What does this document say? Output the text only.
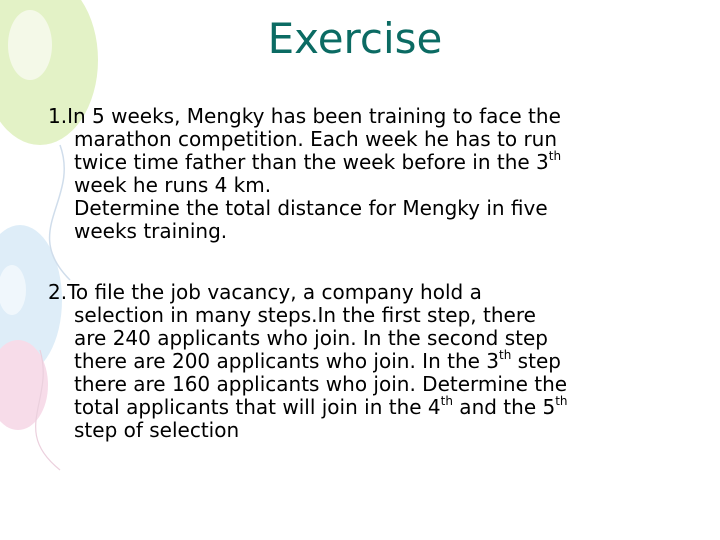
Exercise
1.In 5 weeks, Mengky has been training to face the
marathon competition. Each week he has to run
twice time father than the week before in the 3th
week he runs 4 km.
Determine the total distance for Mengky in five
weeks training.
2.To file the job vacancy, a company hold a
selection in many steps.In the first step, there
are 240 applicants who join. In the second step
there are 200 applicants who join. In the 3th step
there are 160 applicants who join. Determine the
total applicants that will join in the 4th and the 5th
step of selection
